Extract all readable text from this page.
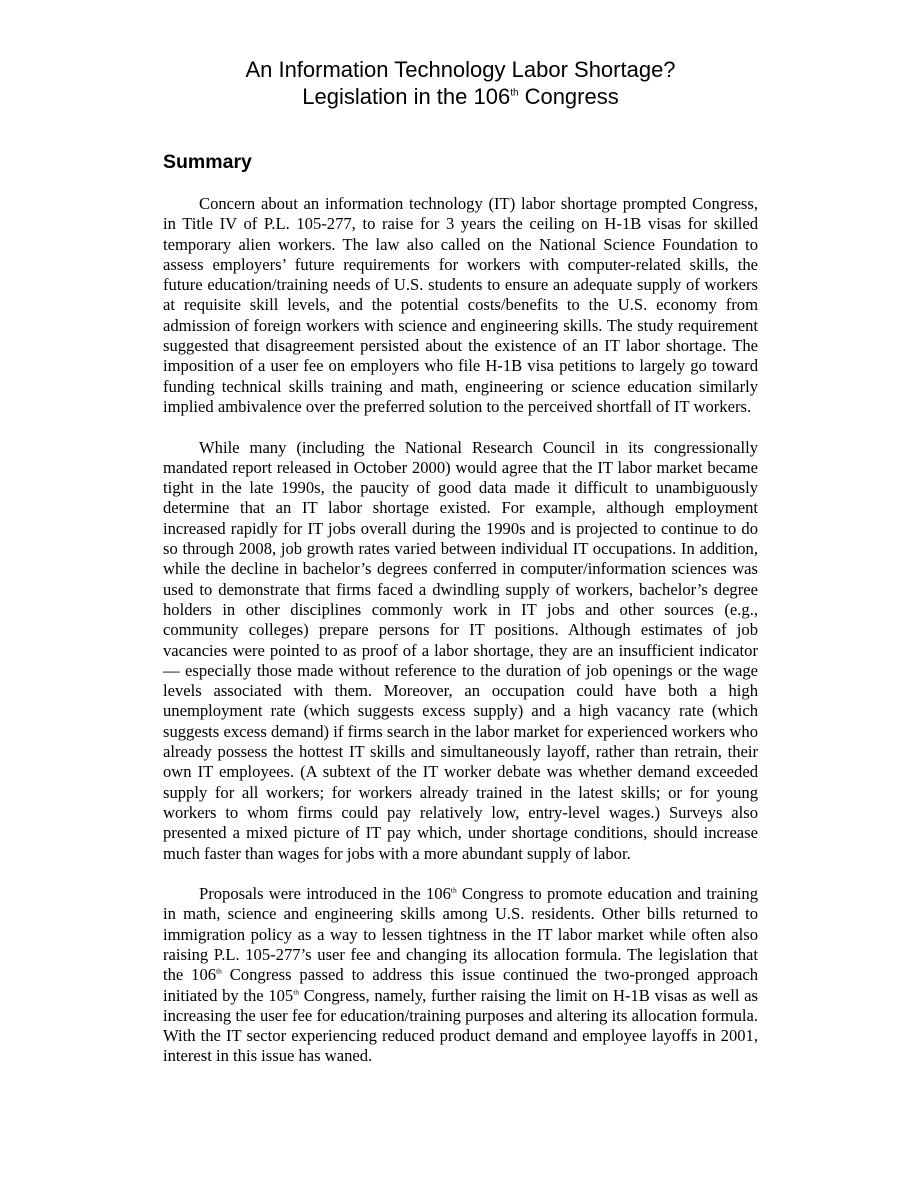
An Information Technology Labor Shortage?
Legislation in the 106th Congress
Summary

Concern about an information technology (IT) labor shortage prompted Congress, in Title IV of P.L. 105-277, to raise for 3 years the ceiling on H-1B visas for skilled temporary alien workers. The law also called on the National Science Foundation to assess employers’ future requirements for workers with computer-related skills, the future education/training needs of U.S. students to ensure an adequate supply of workers at requisite skill levels, and the potential costs/benefits to the U.S. economy from admission of foreign workers with science and engineering skills. The study requirement suggested that disagreement persisted about the existence of an IT labor shortage. The imposition of a user fee on employers who file H-1B visa petitions to largely go toward funding technical skills training and math, engineering or science education similarly implied ambivalence over the preferred solution to the perceived shortfall of IT workers.

While many (including the National Research Council in its congressionally mandated report released in October 2000) would agree that the IT labor market became tight in the late 1990s, the paucity of good data made it difficult to unambiguously determine that an IT labor shortage existed. For example, although employment increased rapidly for IT jobs overall during the 1990s and is projected to continue to do so through 2008, job growth rates varied between individual IT occupations. In addition, while the decline in bachelor’s degrees conferred in computer/information sciences was used to demonstrate that firms faced a dwindling supply of workers, bachelor’s degree holders in other disciplines commonly work in IT jobs and other sources (e.g., community colleges) prepare persons for IT positions. Although estimates of job vacancies were pointed to as proof of a labor shortage, they are an insufficient indicator — especially those made without reference to the duration of job openings or the wage levels associated with them. Moreover, an occupation could have both a high unemployment rate (which suggests excess supply) and a high vacancy rate (which suggests excess demand) if firms search in the labor market for experienced workers who already possess the hottest IT skills and simultaneously layoff, rather than retrain, their own IT employees. (A subtext of the IT worker debate was whether demand exceeded supply for all workers; for workers already trained in the latest skills; or for young workers to whom firms could pay relatively low, entry-level wages.) Surveys also presented a mixed picture of IT pay which, under shortage conditions, should increase much faster than wages for jobs with a more abundant supply of labor.

Proposals were introduced in the 106th Congress to promote education and training in math, science and engineering skills among U.S. residents. Other bills returned to immigration policy as a way to lessen tightness in the IT labor market while often also raising P.L. 105-277’s user fee and changing its allocation formula. The legislation that the 106th Congress passed to address this issue continued the two-pronged approach initiated by the 105th Congress, namely, further raising the limit on H-1B visas as well as increasing the user fee for education/training purposes and altering its allocation formula. With the IT sector experiencing reduced product demand and employee layoffs in 2001, interest in this issue has waned.
